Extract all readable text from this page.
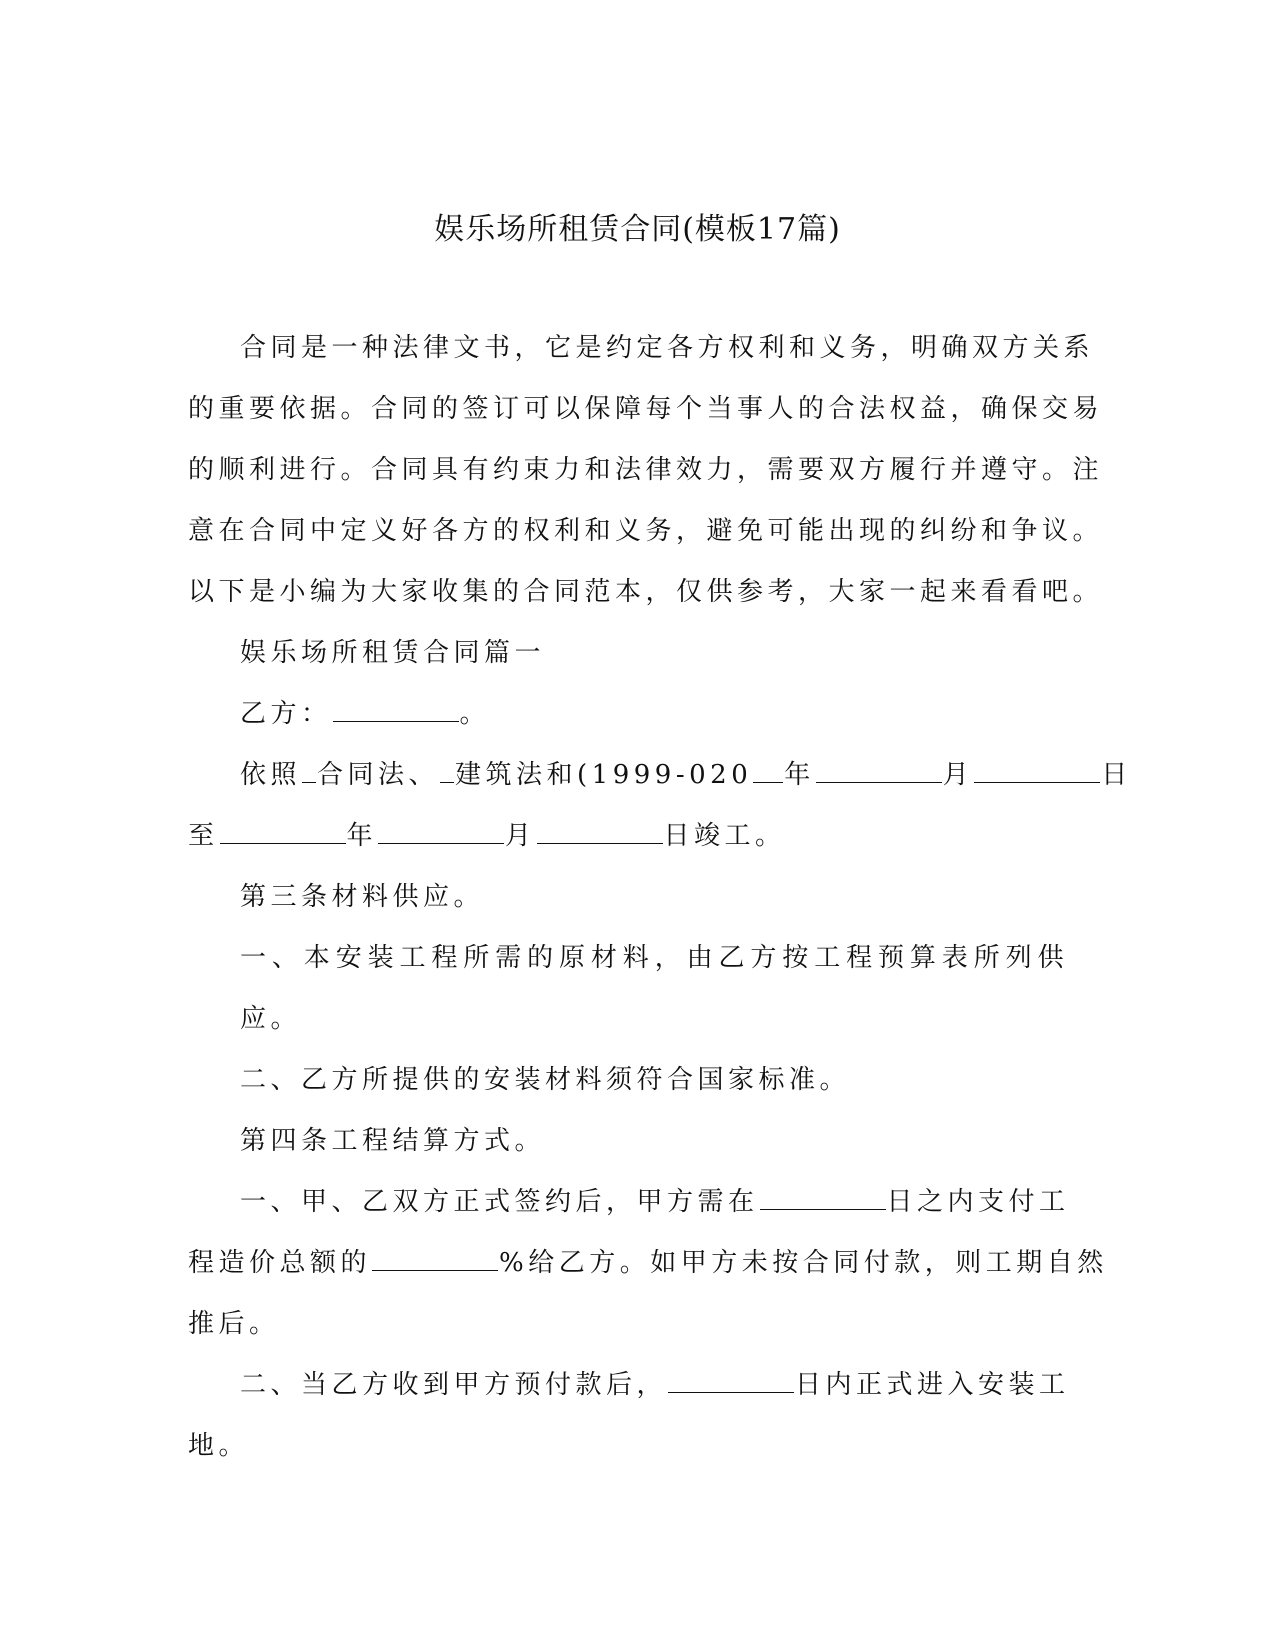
娱乐场所租赁合同(模板17篇)
合同是一种法律文书，它是约定各方权利和义务，明确双方关系
的重要依据。合同的签订可以保障每个当事人的合法权益，确保交易
的顺利进行。合同具有约束力和法律效力，需要双方履行并遵守。注
意在合同中定义好各方的权利和义务，避免可能出现的纠纷和争议。
以下是小编为大家收集的合同范本，仅供参考，大家一起来看看吧。
娱乐场所租赁合同篇一
乙方：	。
依照 合同法、 建筑法和(1999-020 年	月	日
至	年	月	日竣工。
第三条材料供应。
一、本安装工程所需的原材料，由乙方按工程预算表所列供应。
二、乙方所提供的安装材料须符合国家标准。
第四条工程结算方式。
一、甲、乙双方正式签约后，甲方需在	日之内支付工
程造价总额的	%给乙方。如甲方未按合同付款，则工期自然
推后。
二、当乙方收到甲方预付款后，	日内正式进入安装工
地。
